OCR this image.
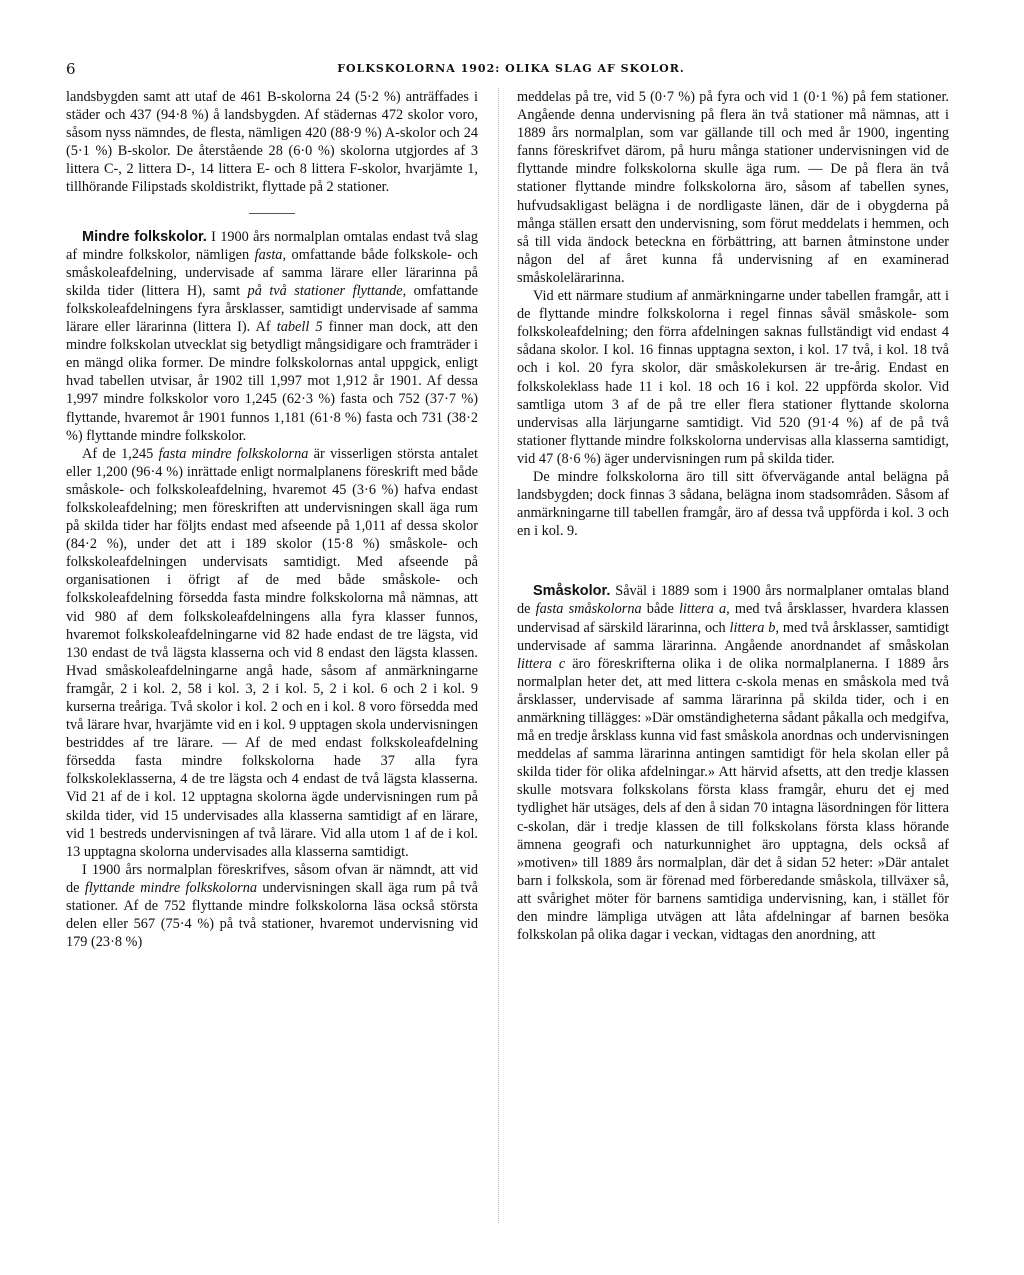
6	FOLKSKOLORNA 1902: OLIKA SLAG AF SKOLOR.

landsbygden samt att utaf de 461 B-skolorna 24 (5·2 %) anträffades i städer och 437 (94·8 %) å landsbygden. Af städernas 472 skolor voro, såsom nyss nämndes, de flesta, nämligen 420 (88·9 %) A-skolor och 24 (5·1 %) B-skolor. De återstående 28 (6·0 %) skolorna utgjordes af 3 littera C-, 2 littera D-, 14 littera E- och 8 littera F-skolor, hvarjämte 1, tillhörande Filipstads skoldistrikt, flyttade på 2 stationer.

Mindre folkskolor. I 1900 års normalplan omtalas endast två slag af mindre folkskolor, nämligen fasta, omfattande både folkskole- och småskoleafdelning, undervisade af samma lärare eller lärarinna på skilda tider (littera H), samt på två stationer flyttande, omfattande folkskoleafdelningens fyra årsklasser, samtidigt undervisade af samma lärare eller lärarinna (littera I). Af tabell 5 finner man dock, att den mindre folkskolan utvecklat sig betydligt mångsidigare och framträder i en mängd olika former. De mindre folkskolornas antal uppgick, enligt hvad tabellen utvisar, år 1902 till 1,997 mot 1,912 år 1901. Af dessa 1,997 mindre folkskolor voro 1,245 (62·3 %) fasta och 752 (37·7 %) flyttande, hvaremot år 1901 funnos 1,181 (61·8 %) fasta och 731 (38·2 %) flyttande mindre folkskolor.

Af de 1,245 fasta mindre folkskolorna är visserligen största antalet eller 1,200 (96·4 %) inrättade enligt normalplanens föreskrift med både småskole- och folkskoleafdelning, hvaremot 45 (3·6 %) hafva endast folkskoleafdelning; men föreskriften att undervisningen skall äga rum på skilda tider har följts endast med afseende på 1,011 af dessa skolor (84·2 %), under det att i 189 skolor (15·8 %) småskole- och folkskoleafdelningen undervisats samtidigt. Med afseende på organisationen i öfrigt af de med både småskole- och folkskoleafdelning försedda fasta mindre folkskolorna må nämnas, att vid 980 af dem folkskoleafdelningens alla fyra klasser funnos, hvaremot folkskoleafdelningarne vid 82 hade endast de tre lägsta, vid 130 endast de två lägsta klasserna och vid 8 endast den lägsta klassen. Hvad småskoleafdelningarne angå hade, såsom af anmärkningarne framgår, 2 i kol. 2, 58 i kol. 3, 2 i kol. 5, 2 i kol. 6 och 2 i kol. 9 kurserna treåriga. Två skolor i kol. 2 och en i kol. 8 voro försedda med två lärare hvar, hvarjämte vid en i kol. 9 upptagen skola undervisningen bestriddes af tre lärare. — Af de med endast folkskoleafdelning försedda fasta mindre folkskolorna hade 37 alla fyra folkskoleklasserna, 4 de tre lägsta och 4 endast de två lägsta klasserna. Vid 21 af de i kol. 12 upptagna skolorna ägde undervisningen rum på skilda tider, vid 15 undervisades alla klasserna samtidigt af en lärare, vid 1 bestreds undervisningen af två lärare. Vid alla utom 1 af de i kol. 13 upptagna skolorna undervisades alla klasserna samtidigt.

I 1900 års normalplan föreskrifves, såsom ofvan är nämndt, att vid de flyttande mindre folkskolorna undervisningen skall äga rum på två stationer. Af de 752 flyttande mindre folkskolorna läsa också största delen eller 567 (75·4 %) på två stationer, hvaremot undervisning vid 179 (23·8 %)

meddelas på tre, vid 5 (0·7 %) på fyra och vid 1 (0·1 %) på fem stationer. Angående denna undervisning på flera än två stationer må nämnas, att i 1889 års normalplan, som var gällande till och med år 1900, ingenting fanns föreskrifvet därom, på huru många stationer undervisningen vid de flyttande mindre folkskolorna skulle äga rum. — De på flera än två stationer flyttande mindre folkskolorna äro, såsom af tabellen synes, hufvudsakligast belägna i de nordligaste länen, där de i obygderna på många ställen ersatt den undervisning, som förut meddelats i hemmen, och så till vida ändock beteckna en förbättring, att barnen åtminstone under någon del af året kunna få undervisning af en examinerad småskolelärarinna.

Vid ett närmare studium af anmärkningarne under tabellen framgår, att i de flyttande mindre folkskolorna i regel finnas såväl småskole- som folkskoleafdelning; den förra afdelningen saknas fullständigt vid endast 4 sådana skolor. I kol. 16 finnas upptagna sexton, i kol. 17 två, i kol. 18 två och i kol. 20 fyra skolor, där småskolekursen är tre-årig. Endast en folkskoleklass hade 11 i kol. 18 och 16 i kol. 22 uppförda skolor. Vid samtliga utom 3 af de på tre eller flera stationer flyttande skolorna undervisas alla lärjungarne samtidigt. Vid 520 (91·4 %) af de på två stationer flyttande mindre folkskolorna undervisas alla klasserna samtidigt, vid 47 (8·6 %) äger undervisningen rum på skilda tider.

De mindre folkskolorna äro till sitt öfvervägande antal belägna på landsbygden; dock finnas 3 sådana, belägna inom stadsområden. Såsom af anmärkningarne till tabellen framgår, äro af dessa två uppförda i kol. 3 och en i kol. 9.

Småskolor. Såväl i 1889 som i 1900 års normalplaner omtalas bland de fasta småskolorna både littera a, med två årsklasser, hvardera klassen undervisad af särskild lärarinna, och littera b, med två årsklasser, samtidigt undervisade af samma lärarinna. Angående anordnandet af småskolan littera c äro föreskrifterna olika i de olika normalplanerna. I 1889 års normalplan heter det, att med littera c-skola menas en småskola med två årsklasser, undervisade af samma lärarinna på skilda tider, och i en anmärkning tillägges: »Där omständigheterna sådant påkalla och medgifva, må en tredje årsklass kunna vid fast småskola anordnas och undervisningen meddelas af samma lärarinna antingen samtidigt för hela skolan eller på skilda tider för olika afdelningar.» Att härvid afsetts, att den tredje klassen skulle motsvara folkskolans första klass framgår, ehuru det ej med tydlighet här utsäges, dels af den å sidan 70 intagna läsordningen för littera c-skolan, där i tredje klassen de till folkskolans första klass hörande ämnena geografi och naturkunnighet äro upptagna, dels också af »motiven» till 1889 års normalplan, där det å sidan 52 heter: »Där antalet barn i folkskola, som är förenad med förberedande småskola, tillväxer så, att svårighet möter för barnens samtidiga undervisning, kan, i stället för den mindre lämpliga utvägen att låta afdelningar af barnen besöka folkskolan på olika dagar i veckan, vidtagas den anordning, att
